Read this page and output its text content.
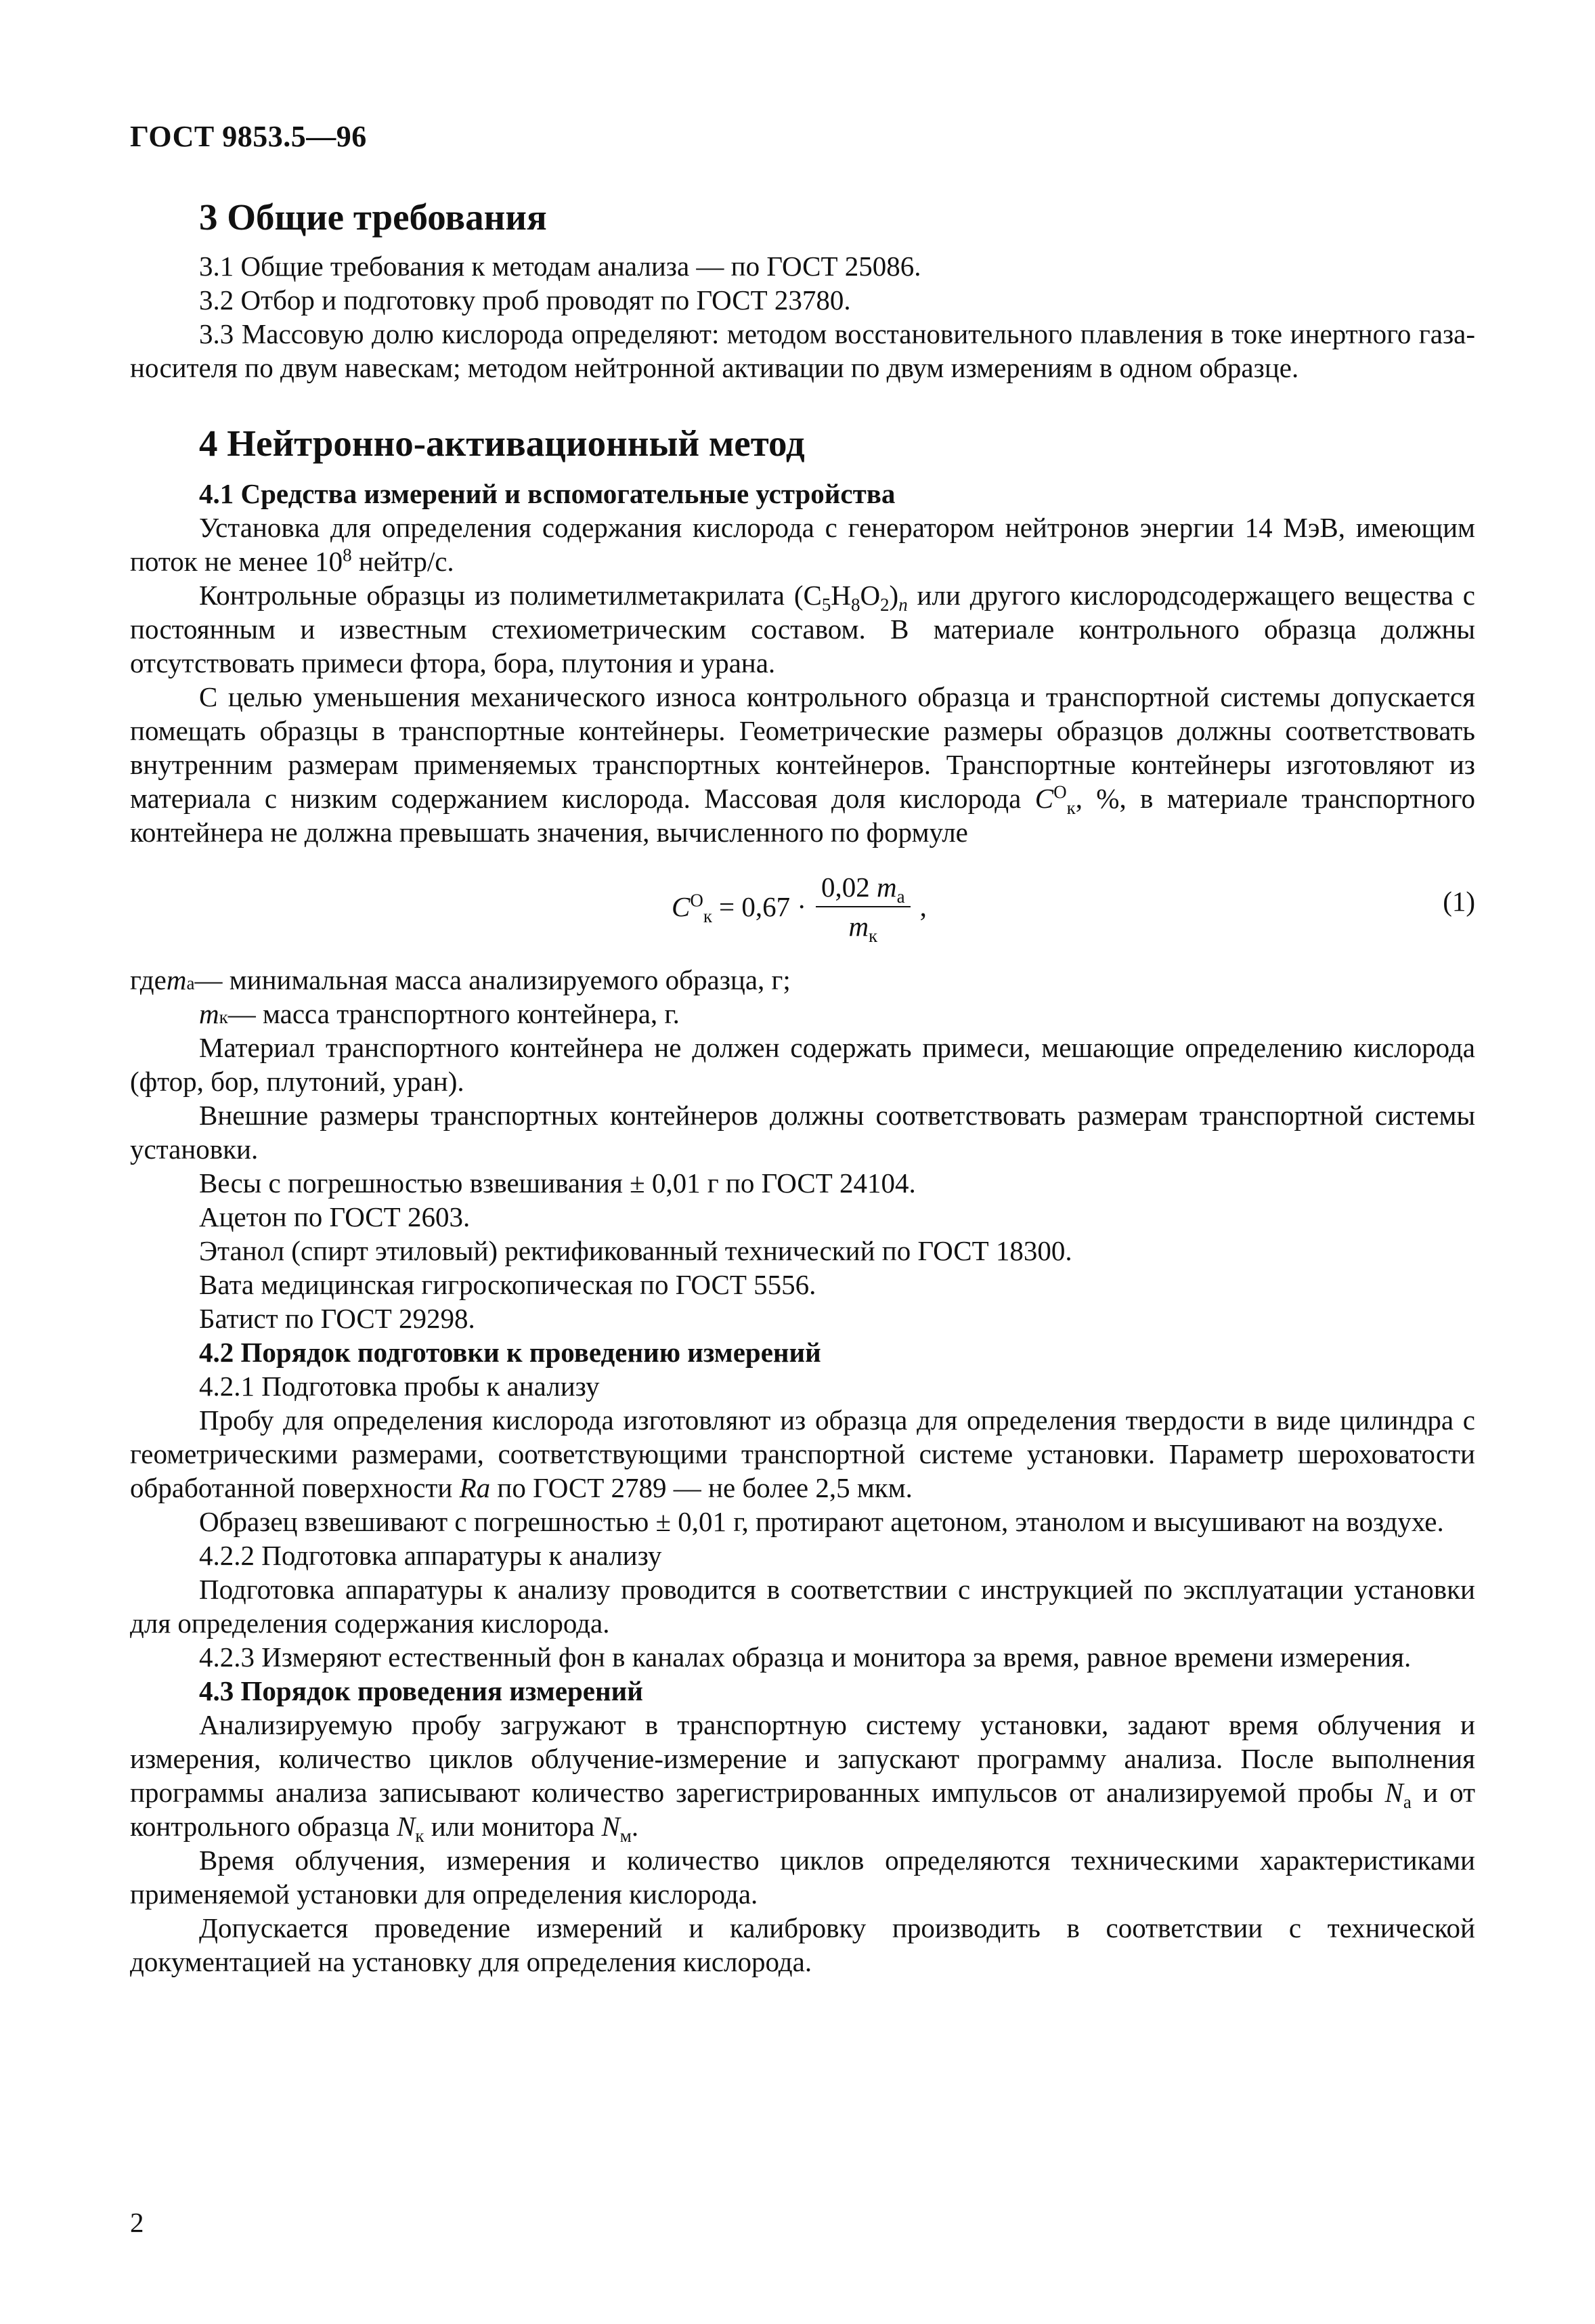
ГОСТ 9853.5—96
3 Общие требования

3.1 Общие требования к методам анализа — по ГОСТ 25086.

3.2 Отбор и подготовку проб проводят по ГОСТ 23780.

3.3 Массовую долю кислорода определяют: методом восстановительного плавления в токе инертного газа-носителя по двум навескам; методом нейтронной активации по двум измерениям в одном образце.

4 Нейтронно-активационный метод
4.1 Средства измерений и вспомогательные устройства

Установка для определения содержания кислорода с генератором нейтронов энергии 14 МэВ, имеющим поток не менее $10^8$ нейтр/с.

Контрольные образцы из полиметилметакрилата $(C_5H_8O_2)_n$ или другого кислородсодержащего вещества с постоянным и известным стехиометрическим составом. В материале контрольного образца должны отсутствовать примеси фтора, бора, плутония и урана.

С целью уменьшения механического износа контрольного образца и транспортной системы допускается помещать образцы в транспортные контейнеры. Геометрические размеры образцов должны соответствовать внутренним размерам применяемых транспортных контейнеров. Транспортные контейнеры изготовляют из материала с низким содержанием кислорода. Массовая доля кислорода $C^O_к$, %, в материале транспортного контейнера не должна превышать значения, вычисленного по формуле

$C^O_к = 0,67 \cdot \frac{0,02 m_а}{m_к}$ ,	(1)
где m а — минимальная масса анализируемого образца, г;
m к — масса транспортного контейнера, г.

Материал транспортного контейнера не должен содержать примеси, мешающие определению кислорода (фтор, бор, плутоний, уран).

Внешние размеры транспортных контейнеров должны соответствовать размерам транспортной системы установки.

Весы с погрешностью взвешивания ± 0,01 г по ГОСТ 24104.

Ацетон по ГОСТ 2603.

Этанол (спирт этиловый) ректификованный технический по ГОСТ 18300.

Вата медицинская гигроскопическая по ГОСТ 5556.

Батист по ГОСТ 29298.

4.2 Порядок подготовки к проведению измерений

4.2.1 Подготовка пробы к анализу

Пробу для определения кислорода изготовляют из образца для определения твердости в виде цилиндра с геометрическими размерами, соответствующими транспортной системе установки. Параметр шероховатости обработанной поверхности Ra по ГОСТ 2789 — не более 2,5 мкм.

Образец взвешивают с погрешностью ± 0,01 г, протирают ацетоном, этанолом и высушивают на воздухе.

4.2.2 Подготовка аппаратуры к анализу

Подготовка аппаратуры к анализу проводится в соответствии с инструкцией по эксплуатации установки для определения содержания кислорода.

4.2.3 Измеряют естественный фон в каналах образца и монитора за время, равное времени измерения.

4.3 Порядок проведения измерений

Анализируемую пробу загружают в транспортную систему установки, задают время облучения и измерения, количество циклов облучение-измерение и запускают программу анализа. После выполнения программы анализа записывают количество зарегистрированных импульсов от анализируемой пробы $N_а$ и от контрольного образца $N_к$ или монитора $N_м$.

Время облучения, измерения и количество циклов определяются техническими характеристиками применяемой установки для определения кислорода.

Допускается проведение измерений и калибровку производить в соответствии с технической документацией на установку для определения кислорода.

2
